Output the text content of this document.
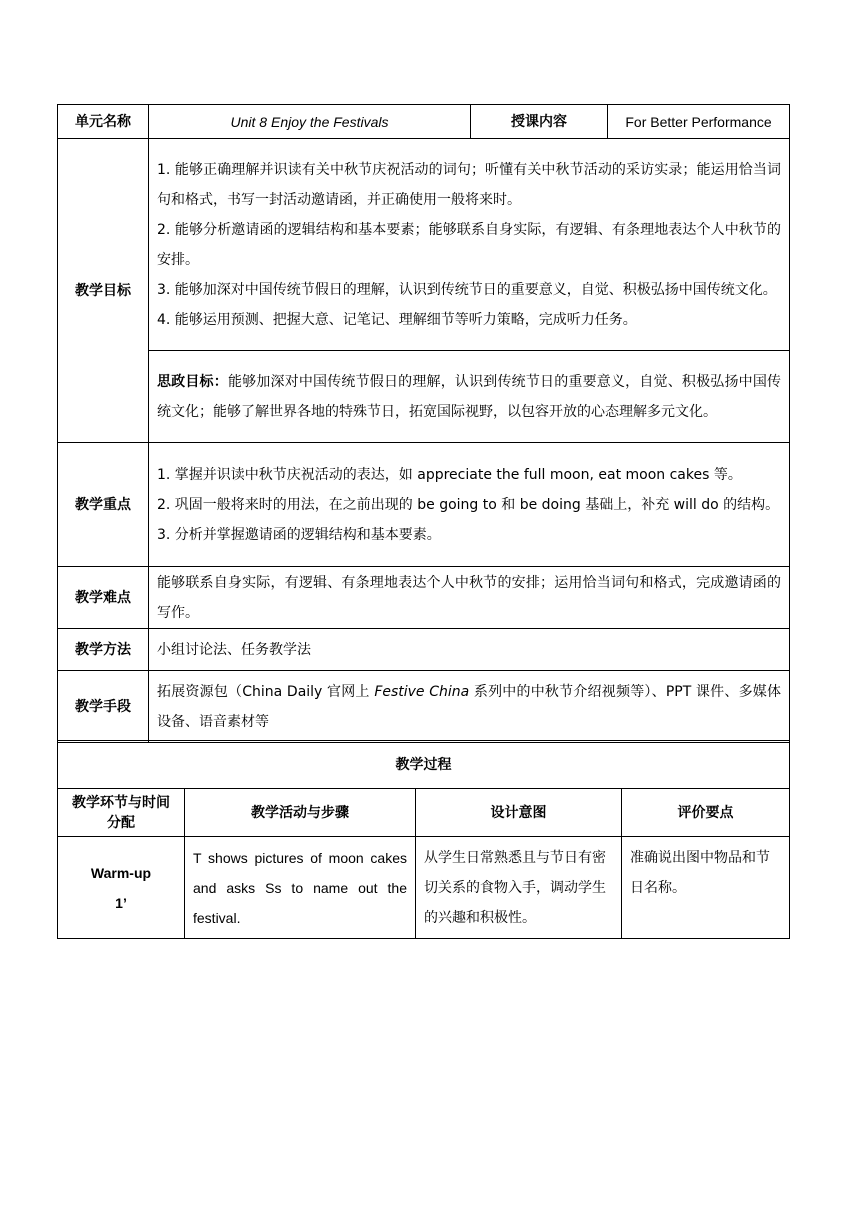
单元名称	Unit 8 Enjoy the Festivals	授课内容	For Better Performance
教学目标	1. 能够正确理解并识读有关中秋节庆祝活动的词句；听懂有关中秋节活动的采访实录；能运用恰当词句和格式，书写一封活动邀请函，并正确使用一般将来时。
2. 能够分析邀请函的逻辑结构和基本要素；能够联系自身实际，有逻辑、有条理地表达个人中秋节的安排。
3. 能够加深对中国传统节假日的理解，认识到传统节日的重要意义，自觉、积极弘扬中国传统文化。
4. 能够运用预测、把握大意、记笔记、理解细节等听力策略，完成听力任务。		

	思政目标：能够加深对中国传统节假日的理解，认识到传统节日的重要意义，自觉、积极弘扬中国传统文化；能够了解世界各地的特殊节日，拓宽国际视野，以包容开放的心态理解多元文化。		
教学重点	1. 掌握并识读中秋节庆祝活动的表达，如 appreciate the full moon, eat moon cakes 等。
2. 巩固一般将来时的用法，在之前出现的 be going to 和 be doing 基础上，补充 will do 的结构。
3. 分析并掌握邀请函的逻辑结构和基本要素。		

教学难点	能够联系自身实际，有逻辑、有条理地表达个人中秋节的安排；运用恰当词句和格式，完成邀请函的写作。		
教学方法	小组讨论法、任务教学法		
教学手段	拓展资源包（China Daily 官网上 Festive China 系列中的中秋节介绍视频等）、PPT 课件、多媒体设备、语音素材等		
教学过程			
教学环节与时间分配	教学活动与步骤	设计意图	评价要点

Warm-up
1’	T shows pictures of moon cakes and asks Ss to name out the festival.	从学生日常熟悉且与节日有密切关系的食物入手，调动学生的兴趣和积极性。	准确说出图中物品和节日名称。
